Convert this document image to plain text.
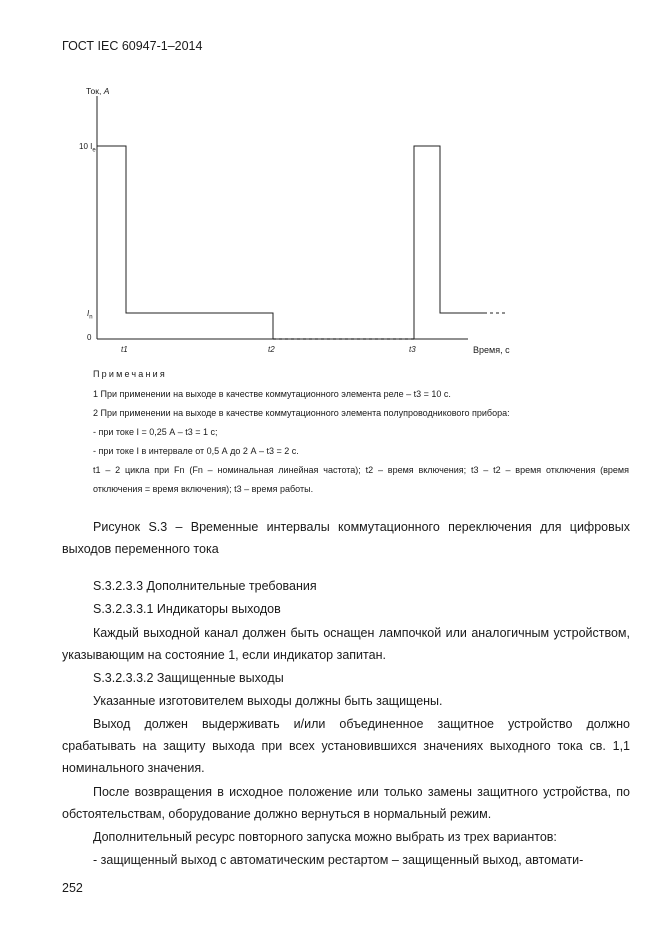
ГОСТ IEC 60947-1–2014
Ток, A
10 $I_e$
$I_n$
0
t1	t2	t3	Время, с
Примечания
1 При применении на выходе в качестве коммутационного элемента реле – t3 = 10 с.
2 При применении на выходе в качестве коммутационного элемента полупроводникового прибора:
- при токе I = 0,25 А – t3 = 1 с;
- при токе I в интервале от 0,5 А до 2 А – t3 = 2 с.
t1 – 2 цикла при Fn (Fn – номинальная линейная частота); t2 – время включения; t3 – t2 – время отключения (время отключения = время включения); t3 – время работы.
Рисунок S.3 – Временные интервалы коммутационного переключения для цифровых выходов переменного тока
S.3.2.3.3 Дополнительные требования
S.3.2.3.3.1 Индикаторы выходов
Каждый выходной канал должен быть оснащен лампочкой или аналогичным устройством, указывающим на состояние 1, если индикатор запитан.
S.3.2.3.3.2 Защищенные выходы
Указанные изготовителем выходы должны быть защищены.
Выход должен выдерживать и/или объединенное защитное устройство должно срабатывать на защиту выхода при всех установившихся значениях выходного тока св. 1,1 номинального значения.
После возвращения в исходное положение или только замены защитного устройства, по обстоятельствам, оборудование должно вернуться в нормальный режим.
Дополнительный ресурс повторного запуска можно выбрать из трех вариантов:
- защищенный выход с автоматическим рестартом – защищенный выход, автомати-
252
